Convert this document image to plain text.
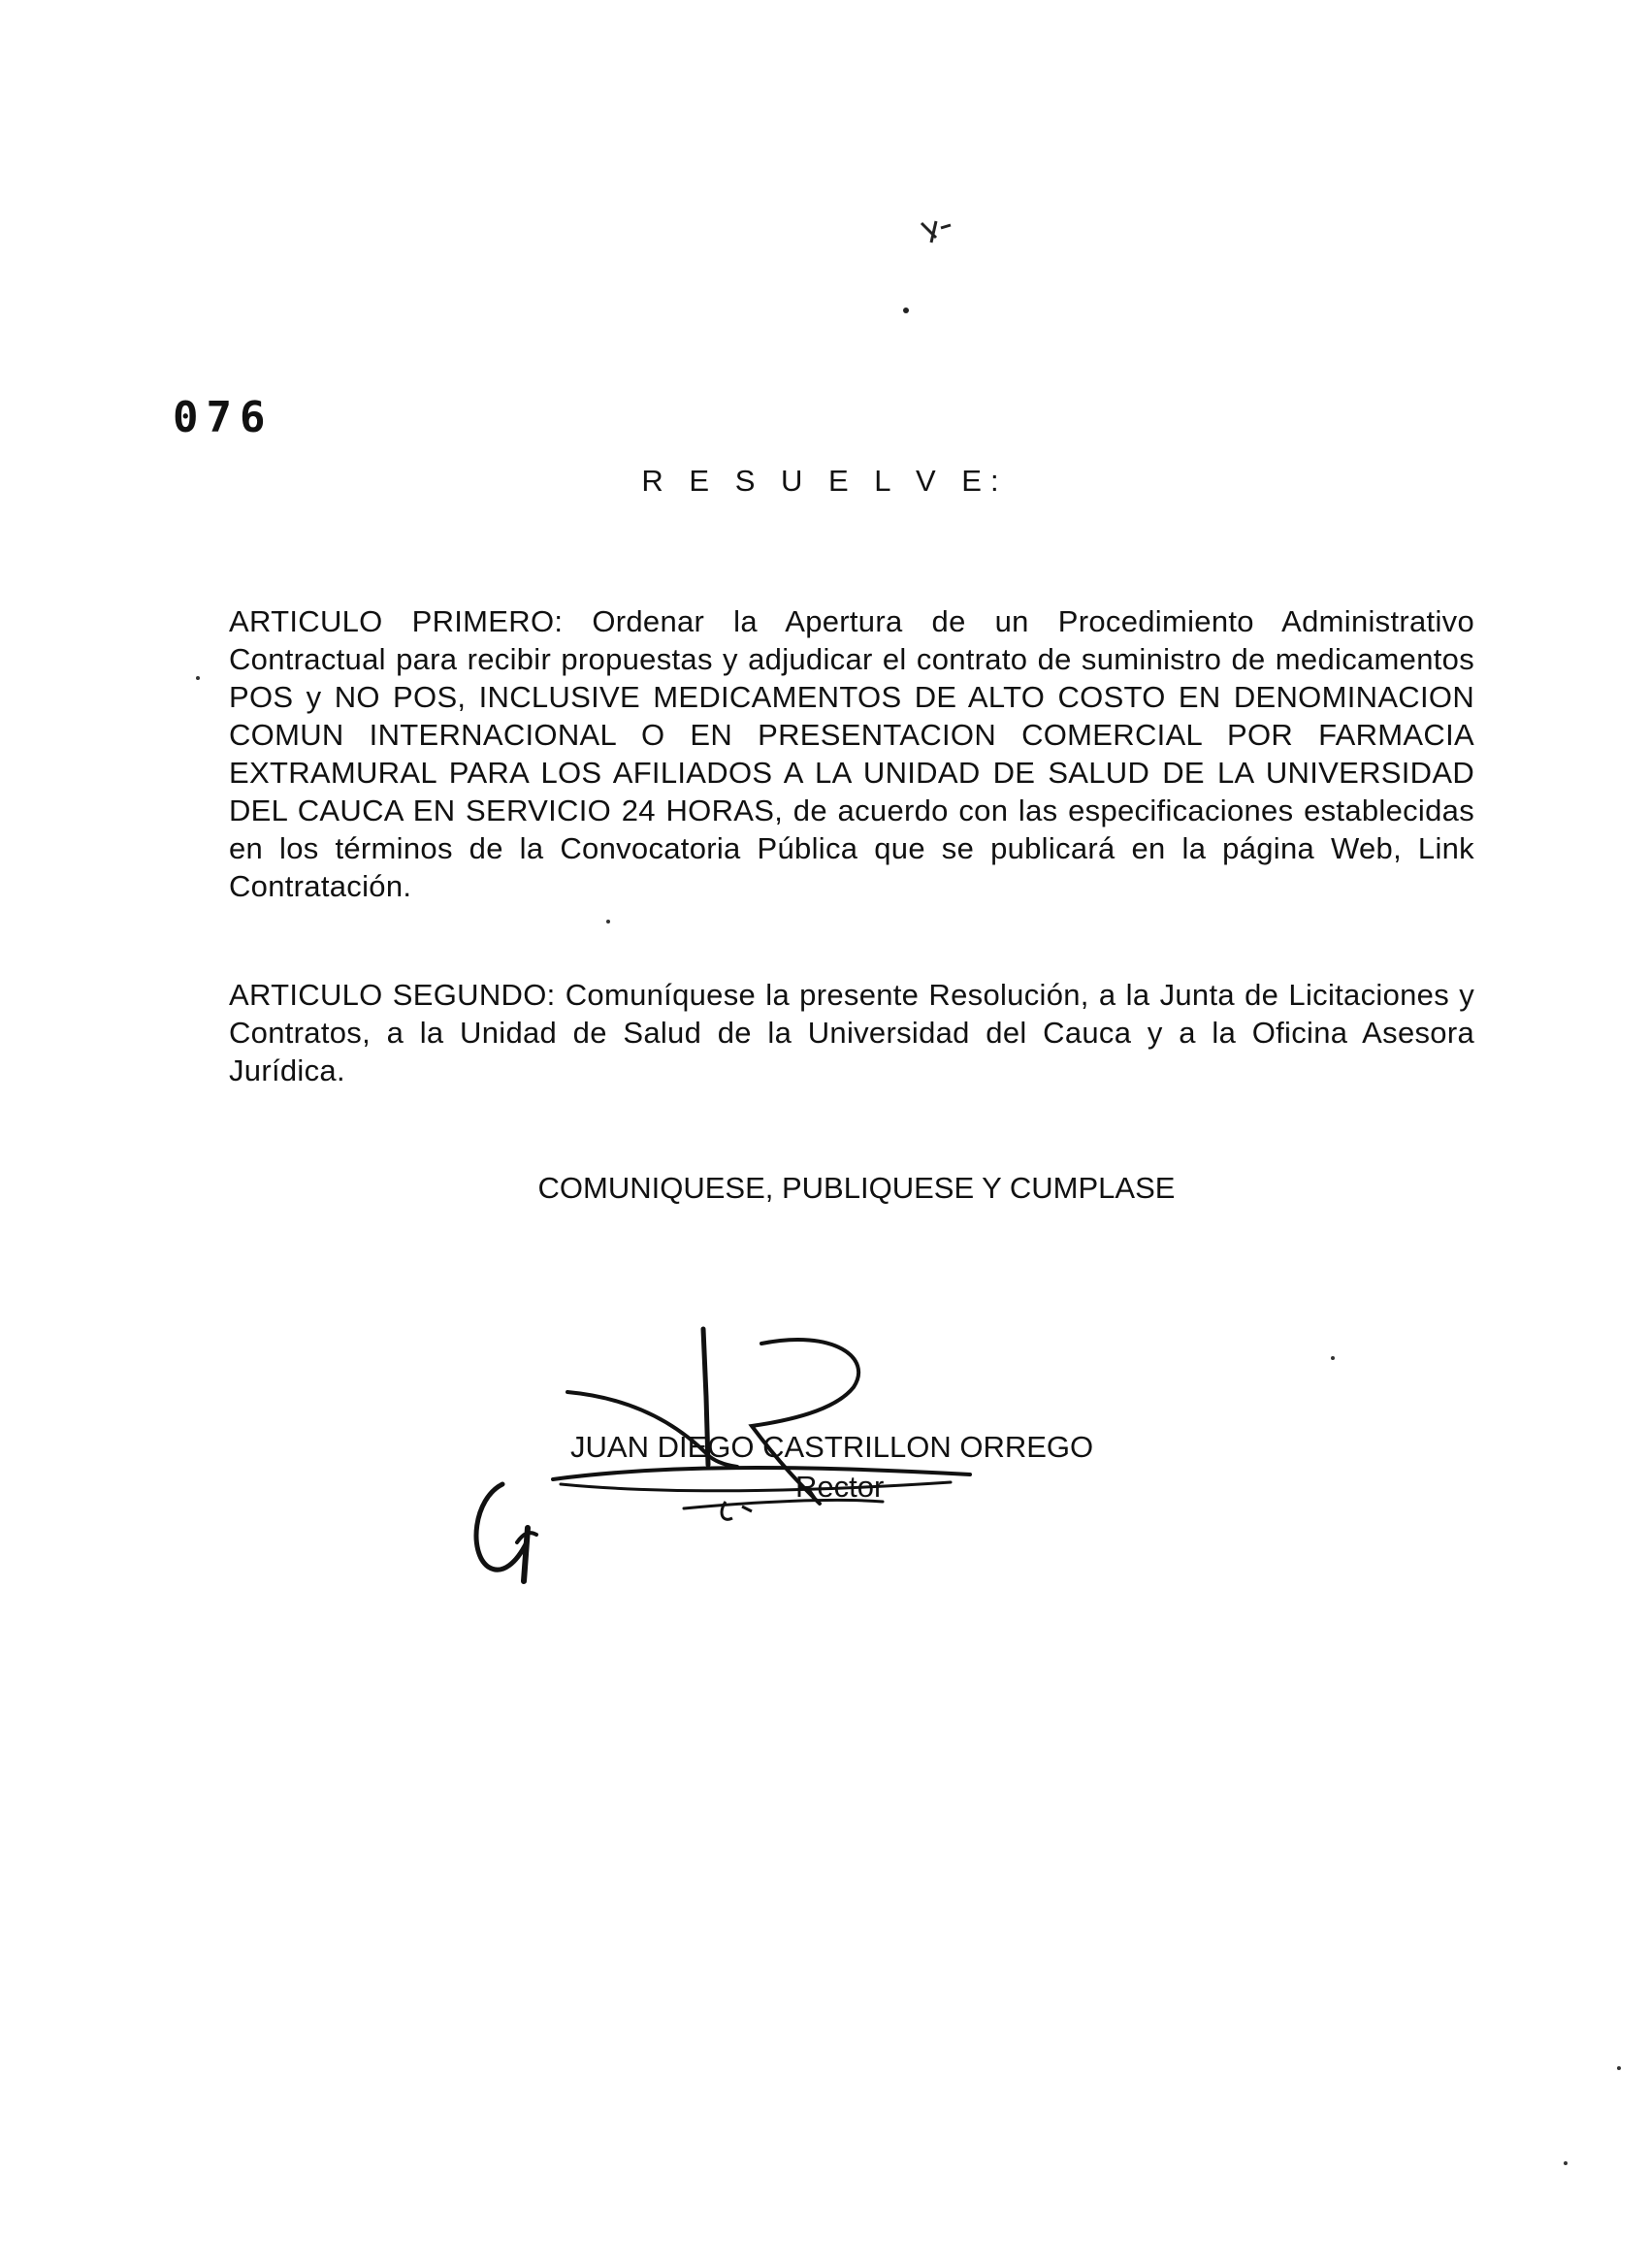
076
R E S U E L V E:

ARTICULO PRIMERO: Ordenar la Apertura de un Procedimiento Administrativo Contractual para recibir propuestas y adjudicar el contrato de suministro de medicamentos POS y NO POS, INCLUSIVE MEDICAMENTOS DE ALTO COSTO EN DENOMINACION COMUN INTERNACIONAL O EN PRESENTACION COMERCIAL POR FARMACIA EXTRAMURAL PARA LOS AFILIADOS A LA UNIDAD DE SALUD DE LA UNIVERSIDAD DEL CAUCA EN SERVICIO 24 HORAS, de acuerdo con las especificaciones establecidas en los términos de la Convocatoria Pública que se publicará en la página Web, Link Contratación.

ARTICULO SEGUNDO: Comuníquese la presente Resolución, a la Junta de Licitaciones y Contratos, a la Unidad de Salud de la Universidad del Cauca y a la Oficina Asesora Jurídica.

COMUNIQUESE, PUBLIQUESE Y CUMPLASE
JUAN DIEGO CASTRILLON ORREGO
Rector
